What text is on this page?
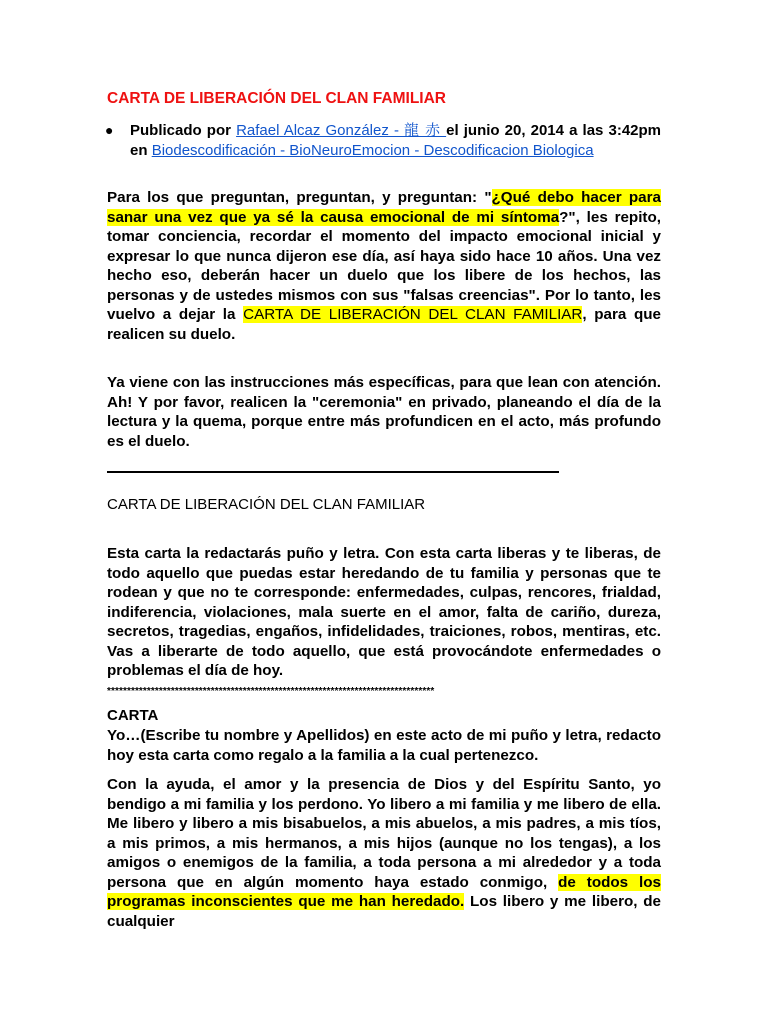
CARTA DE LIBERACIÓN DEL CLAN FAMILIAR
● Publicado por Rafael Alcaz González - 龍 赤 el junio 20, 2014 a las 3:42pm en Biodescodificación - BioNeuroEmocion - Descodificacion Biologica

Para los que preguntan, preguntan, y preguntan: "¿Qué debo hacer para sanar una vez que ya sé la causa emocional de mi síntoma?", les repito, tomar conciencia, recordar el momento del impacto emocional inicial y expresar lo que nunca dijeron ese día, así haya sido hace 10 años. Una vez hecho eso, deberán hacer un duelo que los libere de los hechos, las personas y de ustedes mismos con sus "falsas creencias". Por lo tanto, les vuelvo a dejar la CARTA DE LIBERACIÓN DEL CLAN FAMILIAR, para que realicen su duelo.

Ya viene con las instrucciones más específicas, para que lean con atención. Ah! Y por favor, realicen la "ceremonia" en privado, planeando el día de la lectura y la quema, porque entre más profundicen en el acto, más profundo es el duelo.

CARTA DE LIBERACIÓN DEL CLAN FAMILIAR

Esta carta la redactarás puño y letra. Con esta carta liberas y te liberas, de todo aquello que puedas estar heredando de tu familia y personas que te rodean y que no te corresponde: enfermedades, culpas, rencores, frialdad, indiferencia, violaciones, mala suerte en el amor, falta de cariño, dureza, secretos, tragedias, engaños, infidelidades, traiciones, robos, mentiras, etc. Vas a liberarte de todo aquello, que está provocándote enfermedades o problemas el día de hoy.

**********************************************************************************

CARTA

Yo…(Escribe tu nombre y Apellidos) en este acto de mi puño y letra, redacto hoy esta carta como regalo a la familia a la cual pertenezco.

Con la ayuda, el amor y la presencia de Dios y del Espíritu Santo, yo bendigo a mi familia y los perdono. Yo libero a mi familia y me libero de ella. Me libero y libero a mis bisabuelos, a mis abuelos, a mis padres, a mis tíos, a mis primos, a mis hermanos, a mis hijos (aunque no los tengas), a los amigos o enemigos de la familia, a toda persona a mi alrededor y a toda persona que en algún momento haya estado conmigo, de todos los programas inconscientes que me han heredado. Los libero y me libero, de cualquier
